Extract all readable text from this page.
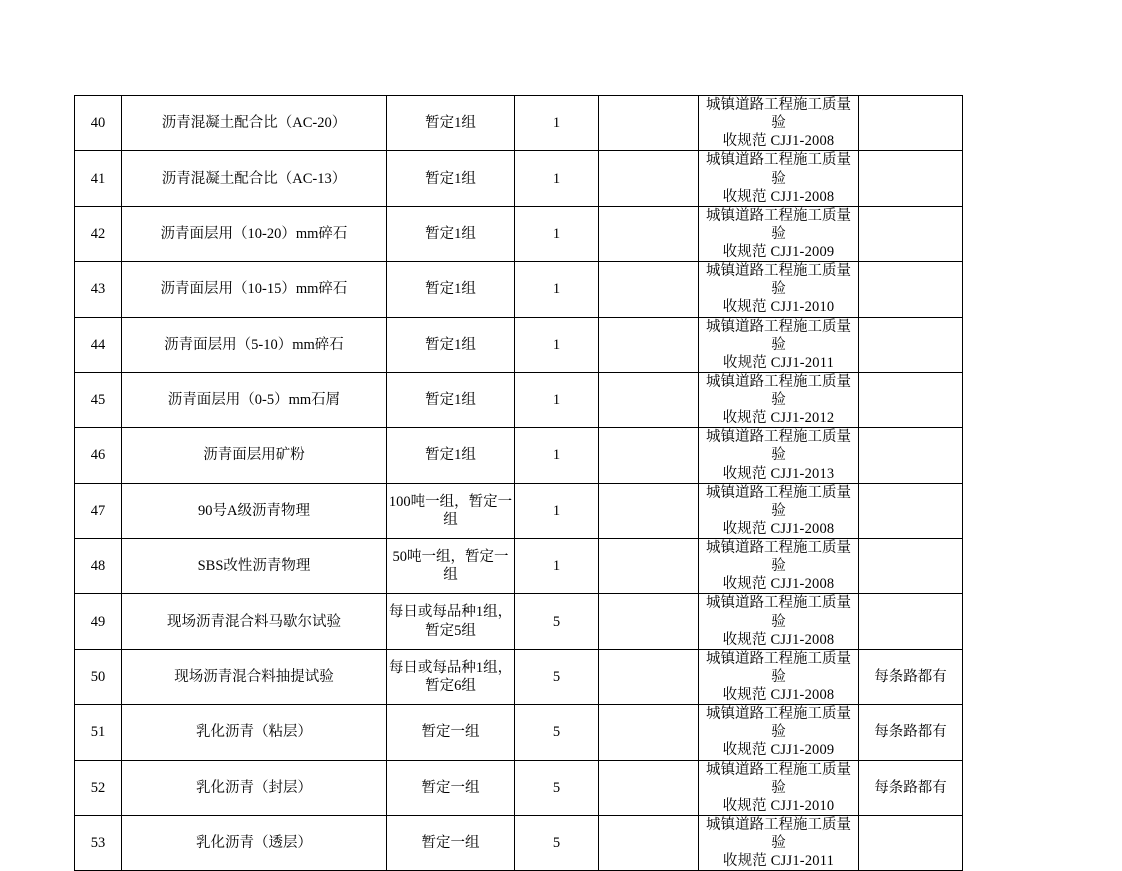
40	沥青混凝土配合比（AC-20）	暂定1组	1		城镇道路工程施工质量验
收规范 CJJ1-2008	

41	沥青混凝土配合比（AC-13）	暂定1组	1		城镇道路工程施工质量验
收规范 CJJ1-2008	

42	沥青面层用（10-20）mm碎石	暂定1组	1		城镇道路工程施工质量验
收规范 CJJ1-2009	

43	沥青面层用（10-15）mm碎石	暂定1组	1		城镇道路工程施工质量验
收规范 CJJ1-2010	

44	沥青面层用（5-10）mm碎石	暂定1组	1		城镇道路工程施工质量验
收规范 CJJ1-2011	

45	沥青面层用（0-5）mm石屑	暂定1组	1		城镇道路工程施工质量验
收规范 CJJ1-2012	

46	沥青面层用矿粉	暂定1组	1		城镇道路工程施工质量验
收规范 CJJ1-2013	

47	90号A级沥青物理	100吨一组，暂定一组	1		城镇道路工程施工质量验
收规范 CJJ1-2008	

48	SBS改性沥青物理	50吨一组，暂定一组	1		城镇道路工程施工质量验
收规范 CJJ1-2008	

49	现场沥青混合料马歇尔试验	每日或每品种1组，暂定5组	5		城镇道路工程施工质量验
收规范 CJJ1-2008	

50	现场沥青混合料抽提试验	每日或每品种1组，暂定6组	5		城镇道路工程施工质量验
收规范 CJJ1-2008	每条路都有
51	乳化沥青（粘层）	暂定一组	5		城镇道路工程施工质量验
收规范 CJJ1-2009	每条路都有
52	乳化沥青（封层）	暂定一组	5		城镇道路工程施工质量验
收规范 CJJ1-2010	每条路都有
53	乳化沥青（透层）	暂定一组	5		城镇道路工程施工质量验
收规范 CJJ1-2011	
